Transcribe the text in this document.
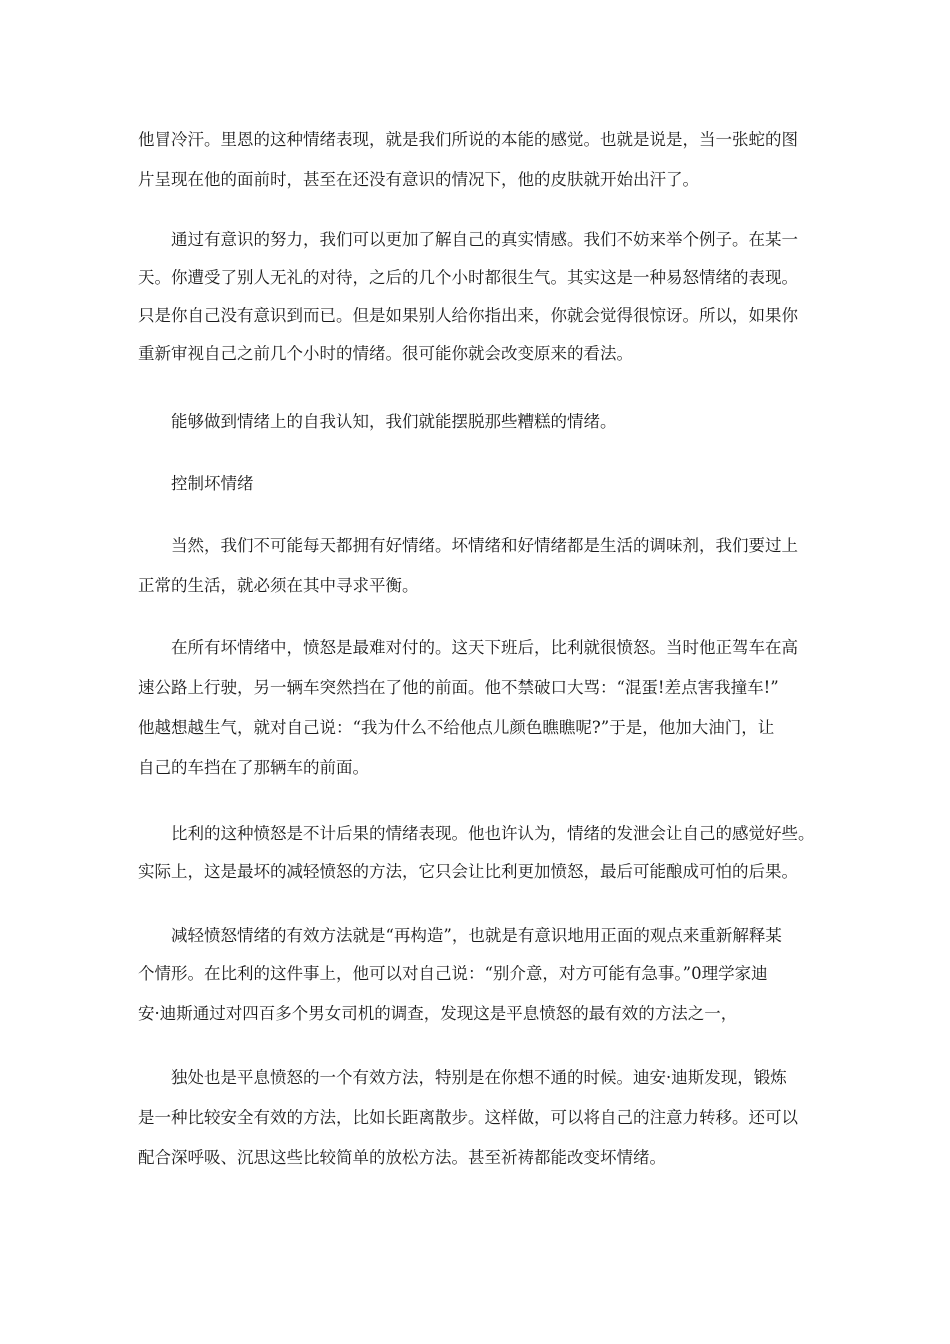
他冒冷汗。里恩的这种情绪表现，就是我们所说的本能的感觉。也就是说是，当一张蛇的图
片呈现在他的面前时，甚至在还没有意识的情况下，他的皮肤就开始出汗了。
通过有意识的努力，我们可以更加了解自己的真实情感。我们不妨来举个例子。在某一
天。你遭受了别人无礼的对待，之后的几个小时都很生气。其实这是一种易怒情绪的表现。
只是你自己没有意识到而已。但是如果别人给你指出来，你就会觉得很惊讶。所以，如果你
重新审视自己之前几个小时的情绪。很可能你就会改变原来的看法。
能够做到情绪上的自我认知，我们就能摆脱那些糟糕的情绪。
控制坏情绪
当然，我们不可能每天都拥有好情绪。坏情绪和好情绪都是生活的调味剂，我们要过上
正常的生活，就必须在其中寻求平衡。
在所有坏情绪中，愤怒是最难对付的。这天下班后，比利就很愤怒。当时他正驾车在高
速公路上行驶，另一辆车突然挡在了他的前面。他不禁破口大骂：“混蛋!差点害我撞车!”
他越想越生气，就对自己说：“我为什么不给他点儿颜色瞧瞧呢?”于是，他加大油门，让
自己的车挡在了那辆车的前面。
比利的这种愤怒是不计后果的情绪表现。他也许认为，情绪的发泄会让自己的感觉好些。
实际上，这是最坏的减轻愤怒的方法，它只会让比利更加愤怒，最后可能酿成可怕的后果。
减轻愤怒情绪的有效方法就是“再构造”，也就是有意识地用正面的观点来重新解释某
个情形。在比利的这件事上，他可以对自己说：“别介意，对方可能有急事。”0理学家迪
安·迪斯通过对四百多个男女司机的调查，发现这是平息愤怒的最有效的方法之一，
独处也是平息愤怒的一个有效方法，特别是在你想不通的时候。迪安·迪斯发现，锻炼
是一种比较安全有效的方法，比如长距离散步。这样做，可以将自己的注意力转移。还可以
配合深呼吸、沉思这些比较简单的放松方法。甚至祈祷都能改变坏情绪。
